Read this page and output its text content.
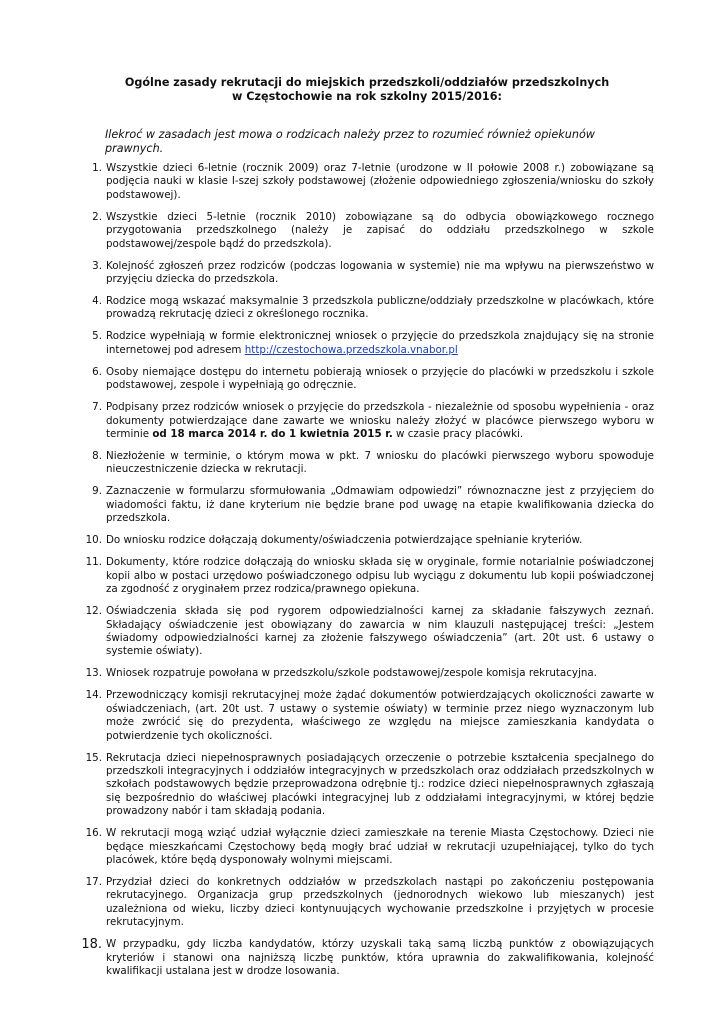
Ogólne zasady rekrutacji do miejskich przedszkoli/oddziałów przedszkolnych
w Częstochowie na rok szkolny 2015/2016:

Ilekroć w zasadach jest mowa o rodzicach należy przez to rozumieć również opiekunów prawnych.

1. Wszystkie dzieci 6-letnie (rocznik 2009) oraz 7-letnie (urodzone w II połowie 2008 r.) zobowiązane są podjęcia nauki w klasie I-szej szkoły podstawowej (złożenie odpowiedniego zgłoszenia/wniosku do szkoły podstawowej).
2. Wszystkie dzieci 5-letnie (rocznik 2010) zobowiązane są do odbycia obowiązkowego rocznego przygotowania przedszkolnego (należy je zapisać do oddziału przedszkolnego w szkole podstawowej/zespole bądź do przedszkola).
3. Kolejność zgłoszeń przez rodziców (podczas logowania w systemie) nie ma wpływu na pierwszeństwo w przyjęciu dziecka do przedszkola.
4. Rodzice mogą wskazać maksymalnie 3 przedszkola publiczne/oddziały przedszkolne w placówkach, które prowadzą rekrutację dzieci z określonego rocznika.
5. Rodzice wypełniają w formie elektronicznej wniosek o przyjęcie do przedszkola znajdujący się na stronie internetowej pod adresem http://czestochowa.przedszkola.vnabor.pl
6. Osoby niemające dostępu do internetu pobierają wniosek o przyjęcie do placówki w przedszkolu i szkole podstawowej, zespole i wypełniają go odręcznie.
7. Podpisany przez rodziców wniosek o przyjęcie do przedszkola - niezależnie od sposobu wypełnienia - oraz dokumenty potwierdzające dane zawarte we wniosku należy złożyć w placówce pierwszego wyboru w terminie od 18 marca 2014 r. do 1 kwietnia 2015 r. w czasie pracy placówki.
8. Niezłożenie w terminie, o którym mowa w pkt. 7 wniosku do placówki pierwszego wyboru spowoduje nieuczestniczenie dziecka w rekrutacji.
9. Zaznaczenie w formularzu sformułowania „Odmawiam odpowiedzi” równoznaczne jest z przyjęciem do wiadomości faktu, iż dane kryterium nie będzie brane pod uwagę na etapie kwalifikowania dziecka do przedszkola.
10. Do wniosku rodzice dołączają dokumenty/oświadczenia potwierdzające spełnianie kryteriów.
11. Dokumenty, które rodzice dołączają do wniosku składa się w oryginale, formie notarialnie poświadczonej kopii albo w postaci urzędowo poświadczonego odpisu lub wyciągu z dokumentu lub kopii poświadczonej za zgodność z oryginałem przez rodzica/prawnego opiekuna.
12. Oświadczenia składa się pod rygorem odpowiedzialności karnej za składanie fałszywych zeznań. Składający oświadczenie jest obowiązany do zawarcia w nim klauzuli następującej treści: „Jestem świadomy odpowiedzialności karnej za złożenie fałszywego oświadczenia” (art. 20t ust. 6 ustawy o systemie oświaty).
13. Wniosek rozpatruje powołana w przedszkolu/szkole podstawowej/zespole komisja rekrutacyjna.
14. Przewodniczący komisji rekrutacyjnej może żądać dokumentów potwierdzających okoliczności zawarte w oświadczeniach, (art. 20t ust. 7 ustawy o systemie oświaty) w terminie przez niego wyznaczonym lub może zwrócić się do prezydenta, właściwego ze względu na miejsce zamieszkania kandydata o potwierdzenie tych okoliczności.
15. Rekrutacja dzieci niepełnosprawnych posiadających orzeczenie o potrzebie kształcenia specjalnego do przedszkoli integracyjnych i oddziałów integracyjnych w przedszkolach oraz oddziałach przedszkolnych w szkołach podstawowych będzie przeprowadzona odrębnie tj.: rodzice dzieci niepełnosprawnych zgłaszają się bezpośrednio do właściwej placówki integracyjnej lub z oddziałami integracyjnymi, w której będzie prowadzony nabór i tam składają podania.
16. W rekrutacji mogą wziąć udział wyłącznie dzieci zamieszkałe na terenie Miasta Częstochowy. Dzieci nie będące mieszkańcami Częstochowy będą mogły brać udział w rekrutacji uzupełniającej, tylko do tych placówek, które będą dysponowały wolnymi miejscami.
17. Przydział dzieci do konkretnych oddziałów w przedszkolach nastąpi po zakończeniu postępowania rekrutacyjnego. Organizacja grup przedszkolnych (jednorodnych wiekowo lub mieszanych) jest uzależniona od wieku, liczby dzieci kontynuujących wychowanie przedszkolne i przyjętych w procesie rekrutacyjnym.
18. W przypadku, gdy liczba kandydatów, którzy uzyskali taką samą liczbą punktów z obowiązujących kryteriów i stanowi ona najniższą liczbę punktów, która uprawnia do zakwalifikowania, kolejność kwalifikacji ustalana jest w drodze losowania.
